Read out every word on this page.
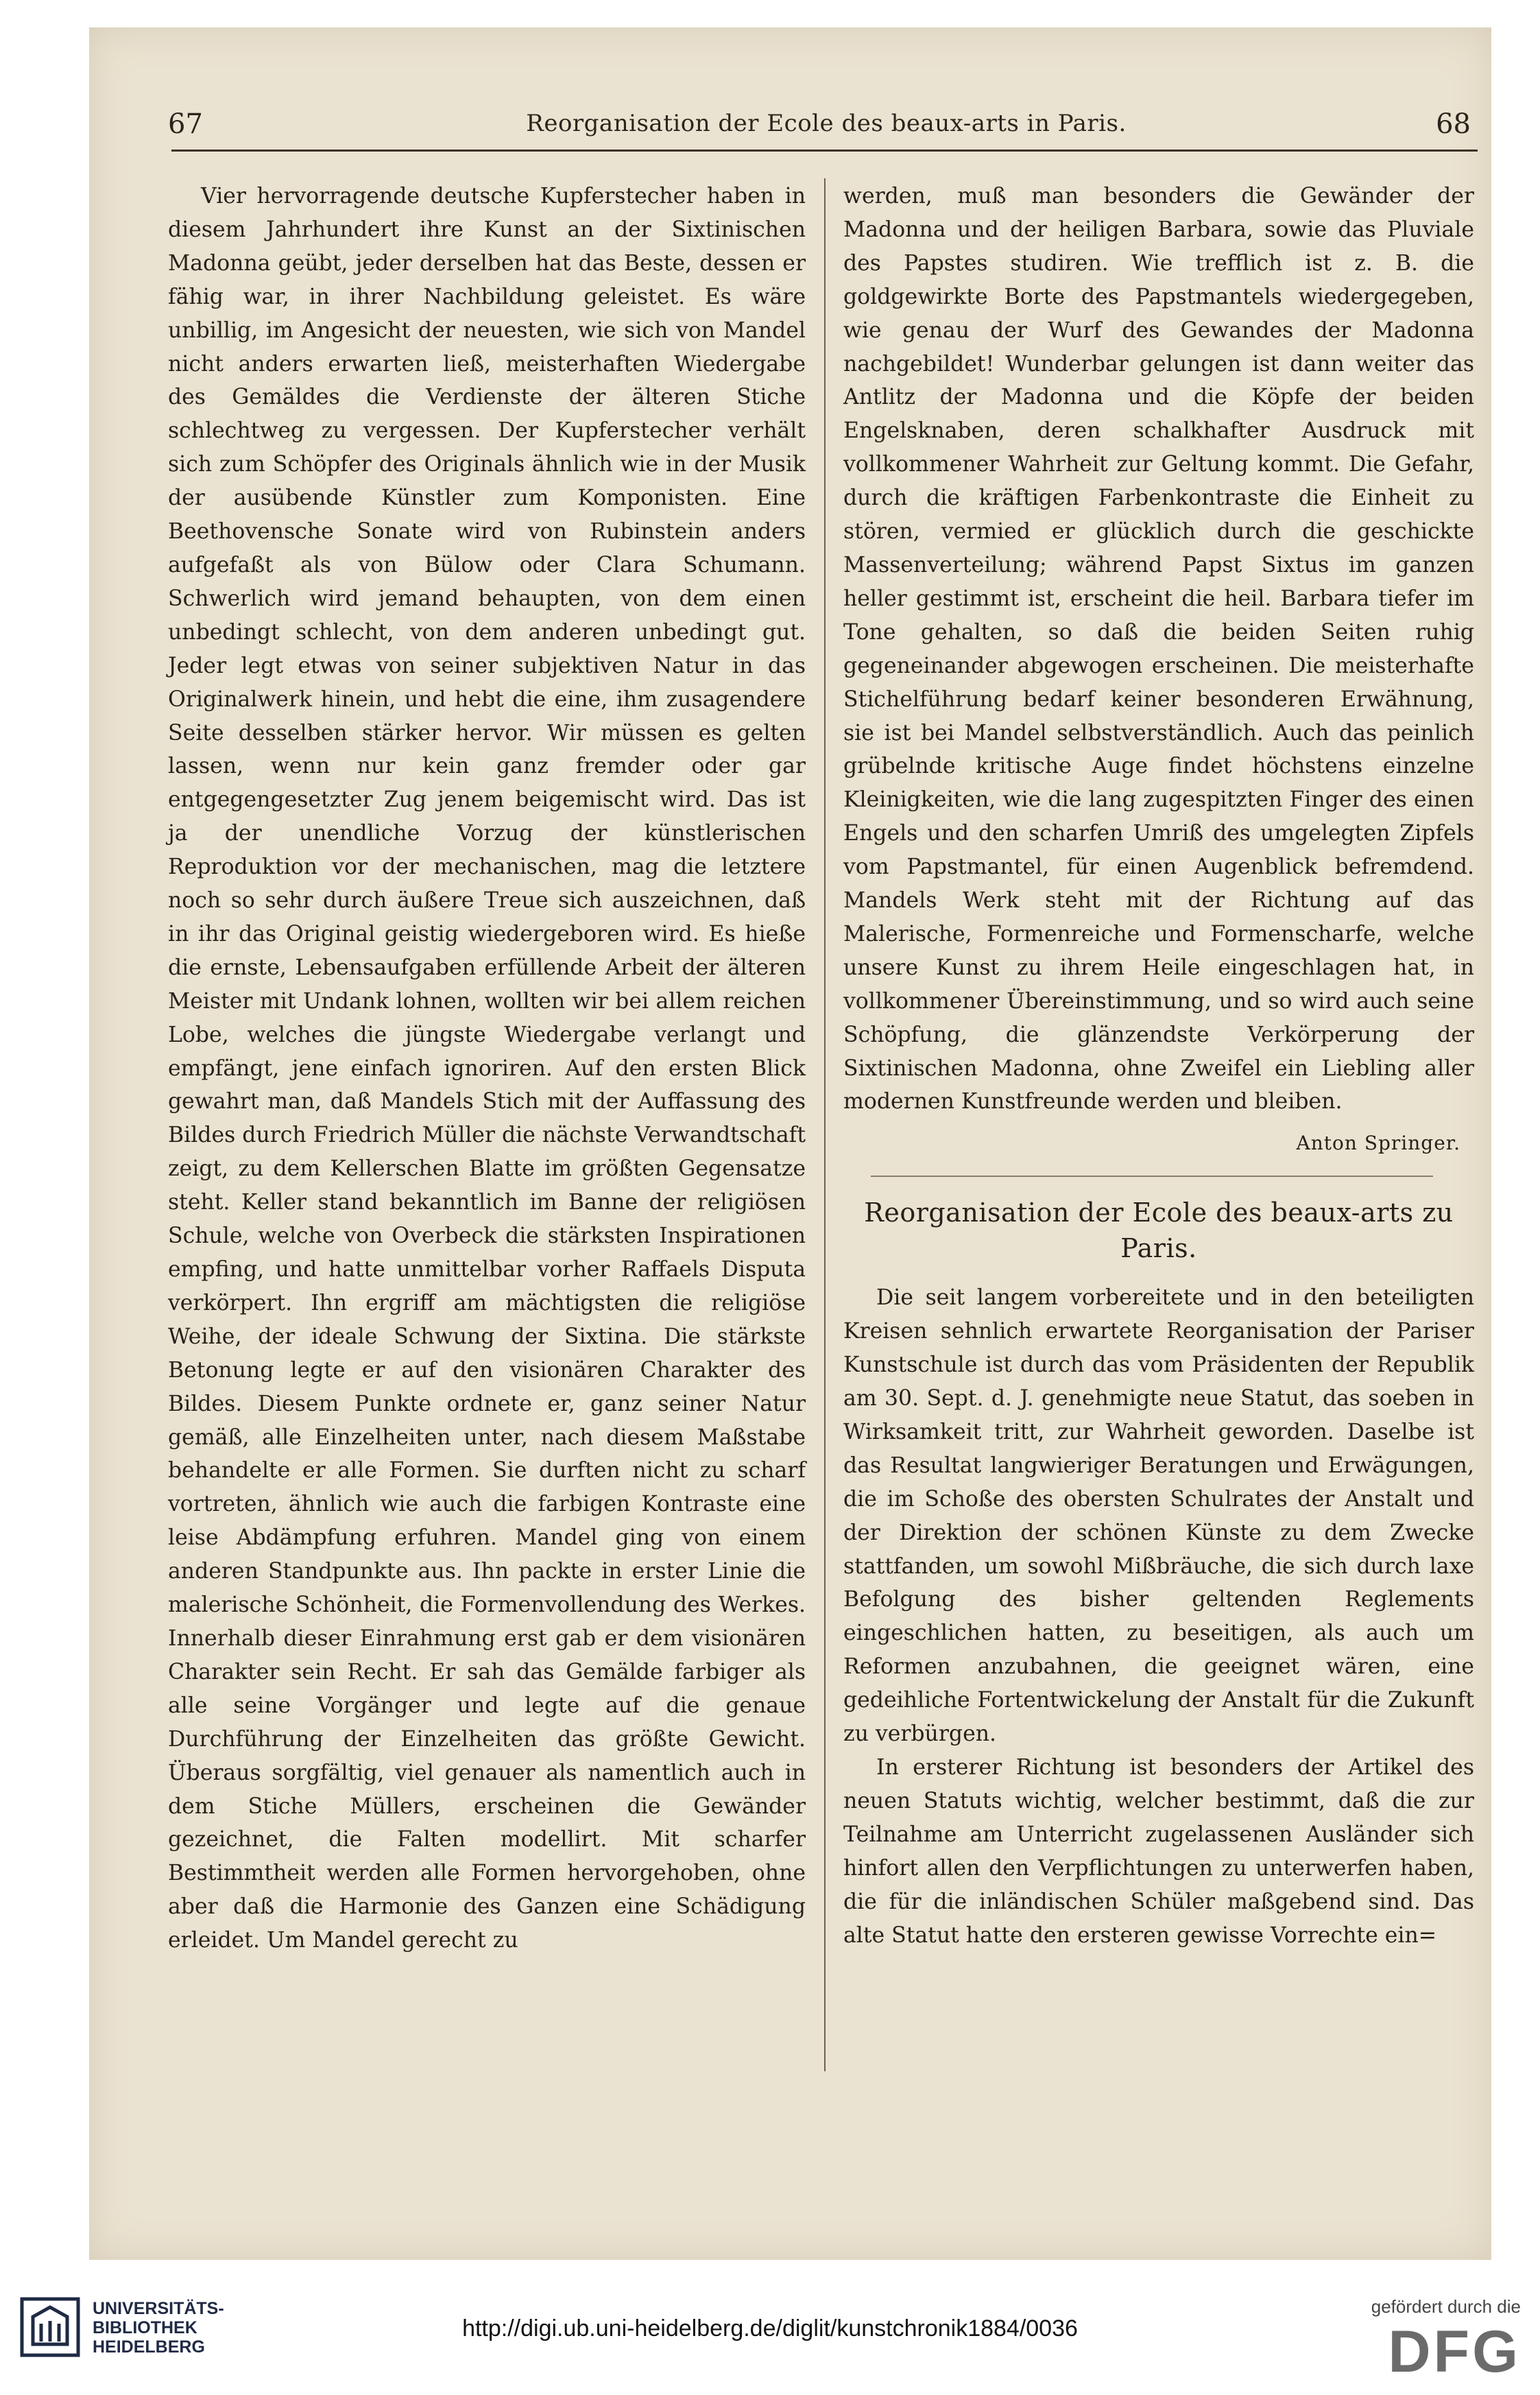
67	Reorganisation der Ecole des beaux-arts in Paris.	68

Vier hervorragende deutsche Kupferstecher haben in diesem Jahrhundert ihre Kunst an der Sixtinischen Madonna geübt, jeder derselben hat das Beste, dessen er fähig war, in ihrer Nachbildung geleistet. Es wäre unbillig, im Angesicht der neuesten, wie sich von Mandel nicht anders erwarten ließ, meisterhaften Wiedergabe des Gemäldes die Verdienste der älteren Stiche schlechtweg zu vergessen. Der Kupferstecher verhält sich zum Schöpfer des Originals ähnlich wie in der Musik der ausübende Künstler zum Komponisten. Eine Beethovensche Sonate wird von Rubinstein anders aufgefaßt als von Bülow oder Clara Schumann. Schwerlich wird jemand behaupten, von dem einen unbedingt schlecht, von dem anderen unbedingt gut. Jeder legt etwas von seiner subjektiven Natur in das Originalwerk hinein, und hebt die eine, ihm zusagendere Seite desselben stärker hervor. Wir müssen es gelten lassen, wenn nur kein ganz fremder oder gar entgegengesetzter Zug jenem beigemischt wird. Das ist ja der unendliche Vorzug der künstlerischen Reproduktion vor der mechanischen, mag die letztere noch so sehr durch äußere Treue sich auszeichnen, daß in ihr das Original geistig wiedergeboren wird. Es hieße die ernste, Lebensaufgaben erfüllende Arbeit der älteren Meister mit Undank lohnen, wollten wir bei allem reichen Lobe, welches die jüngste Wiedergabe verlangt und empfängt, jene einfach ignoriren. Auf den ersten Blick gewahrt man, daß Mandels Stich mit der Auffassung des Bildes durch Friedrich Müller die nächste Verwandtschaft zeigt, zu dem Kellerschen Blatte im größten Gegensatze steht. Keller stand bekanntlich im Banne der religiösen Schule, welche von Overbeck die stärksten Inspirationen empfing, und hatte unmittelbar vorher Raffaels Disputa verkörpert. Ihn ergriff am mächtigsten die religiöse Weihe, der ideale Schwung der Sixtina. Die stärkste Betonung legte er auf den visionären Charakter des Bildes. Diesem Punkte ordnete er, ganz seiner Natur gemäß, alle Einzelheiten unter, nach diesem Maßstabe behandelte er alle Formen. Sie durften nicht zu scharf vortreten, ähnlich wie auch die farbigen Kontraste eine leise Abdämpfung erfuhren. Mandel ging von einem anderen Standpunkte aus. Ihn packte in erster Linie die malerische Schönheit, die Formenvollendung des Werkes. Innerhalb dieser Einrahmung erst gab er dem visionären Charakter sein Recht. Er sah das Gemälde farbiger als alle seine Vorgänger und legte auf die genaue Durchführung der Einzelheiten das größte Gewicht. Überaus sorgfältig, viel genauer als namentlich auch in dem Stiche Müllers, erscheinen die Gewänder gezeichnet, die Falten modellirt. Mit scharfer Bestimmtheit werden alle Formen hervorgehoben, ohne aber daß die Harmonie des Ganzen eine Schädigung erleidet. Um Mandel gerecht zu

werden, muß man besonders die Gewänder der Madonna und der heiligen Barbara, sowie das Pluviale des Papstes studiren. Wie trefflich ist z. B. die goldgewirkte Borte des Papstmantels wiedergegeben, wie genau der Wurf des Gewandes der Madonna nachgebildet! Wunderbar gelungen ist dann weiter das Antlitz der Madonna und die Köpfe der beiden Engelsknaben, deren schalkhafter Ausdruck mit vollkommener Wahrheit zur Geltung kommt. Die Gefahr, durch die kräftigen Farbenkontraste die Einheit zu stören, vermied er glücklich durch die geschickte Massenverteilung; während Papst Sixtus im ganzen heller gestimmt ist, erscheint die heil. Barbara tiefer im Tone gehalten, so daß die beiden Seiten ruhig gegeneinander abgewogen erscheinen. Die meisterhafte Stichelführung bedarf keiner besonderen Erwähnung, sie ist bei Mandel selbstverständlich. Auch das peinlich grübelnde kritische Auge findet höchstens einzelne Kleinigkeiten, wie die lang zugespitzten Finger des einen Engels und den scharfen Umriß des umgelegten Zipfels vom Papstmantel, für einen Augenblick befremdend. Mandels Werk steht mit der Richtung auf das Malerische, Formenreiche und Formenscharfe, welche unsere Kunst zu ihrem Heile eingeschlagen hat, in vollkommener Übereinstimmung, und so wird auch seine Schöpfung, die glänzendste Verkörperung der Sixtinischen Madonna, ohne Zweifel ein Liebling aller modernen Kunstfreunde werden und bleiben.

Anton Springer.
Reorganisation der Ecole des beaux-arts zu Paris.

Die seit langem vorbereitete und in den beteiligten Kreisen sehnlich erwartete Reorganisation der Pariser Kunstschule ist durch das vom Präsidenten der Republik am 30. Sept. d. J. genehmigte neue Statut, das soeben in Wirksamkeit tritt, zur Wahrheit geworden. Daselbe ist das Resultat langwieriger Beratungen und Erwägungen, die im Schoße des obersten Schulrates der Anstalt und der Direktion der schönen Künste zu dem Zwecke stattfanden, um sowohl Mißbräuche, die sich durch laxe Befolgung des bisher geltenden Reglements eingeschlichen hatten, zu beseitigen, als auch um Reformen anzubahnen, die geeignet wären, eine gedeihliche Fortentwickelung der Anstalt für die Zukunft zu verbürgen.

In ersterer Richtung ist besonders der Artikel des neuen Statuts wichtig, welcher bestimmt, daß die zur Teilnahme am Unterricht zugelassenen Ausländer sich hinfort allen den Verpflichtungen zu unterwerfen haben, die für die inländischen Schüler maßgebend sind. Das alte Statut hatte den ersteren gewisse Vorrechte ein=

UNIVERSITÄTS-
BIBLIOTHEK
HEIDELBERG
http://digi.ub.uni-heidelberg.de/diglit/kunstchronik1884/0036
gefördert durch die
DFG
